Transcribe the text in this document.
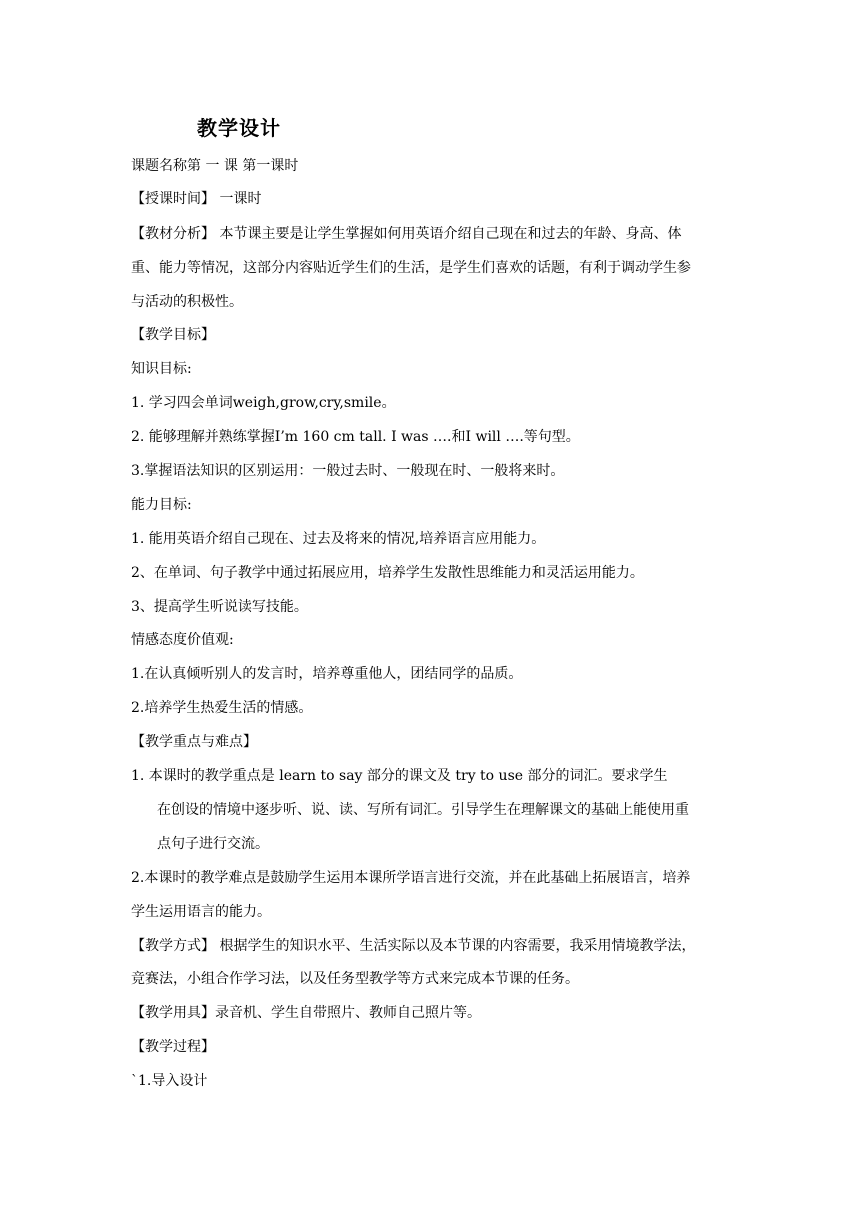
教学设计
课题名称第 一 课 第一课时
【授课时间】 一课时
【教材分析】 本节课主要是让学生掌握如何用英语介绍自己现在和过去的年龄、身高、体
重、能力等情况，这部分内容贴近学生们的生活，是学生们喜欢的话题，有利于调动学生参
与活动的积极性。
【教学目标】
知识目标:
1. 学习四会单词weigh,grow,cry,smile。
2. 能够理解并熟练掌握I’m 160 cm tall. I was ….和I will ….等句型。
3.掌握语法知识的区别运用：一般过去时、一般现在时、一般将来时。
能力目标:
1. 能用英语介绍自己现在、过去及将来的情况,培养语言应用能力。
2、在单词、句子教学中通过拓展应用，培养学生发散性思维能力和灵活运用能力。
3、提高学生听说读写技能。
情感态度价值观:
1.在认真倾听别人的发言时，培养尊重他人，团结同学的品质。
2.培养学生热爱生活的情感。
【教学重点与难点】
1. 本课时的教学重点是 learn to say 部分的课文及 try to use 部分的词汇。要求学生
在创设的情境中逐步听、说、读、写所有词汇。引导学生在理解课文的基础上能使用重
点句子进行交流。
2.本课时的教学难点是鼓励学生运用本课所学语言进行交流，并在此基础上拓展语言，培养
学生运用语言的能力。
【教学方式】 根据学生的知识水平、生活实际以及本节课的内容需要，我采用情境教学法，
竞赛法，小组合作学习法，以及任务型教学等方式来完成本节课的任务。
【教学用具】录音机、学生自带照片、教师自己照片等。
【教学过程】
`1.导入设计
